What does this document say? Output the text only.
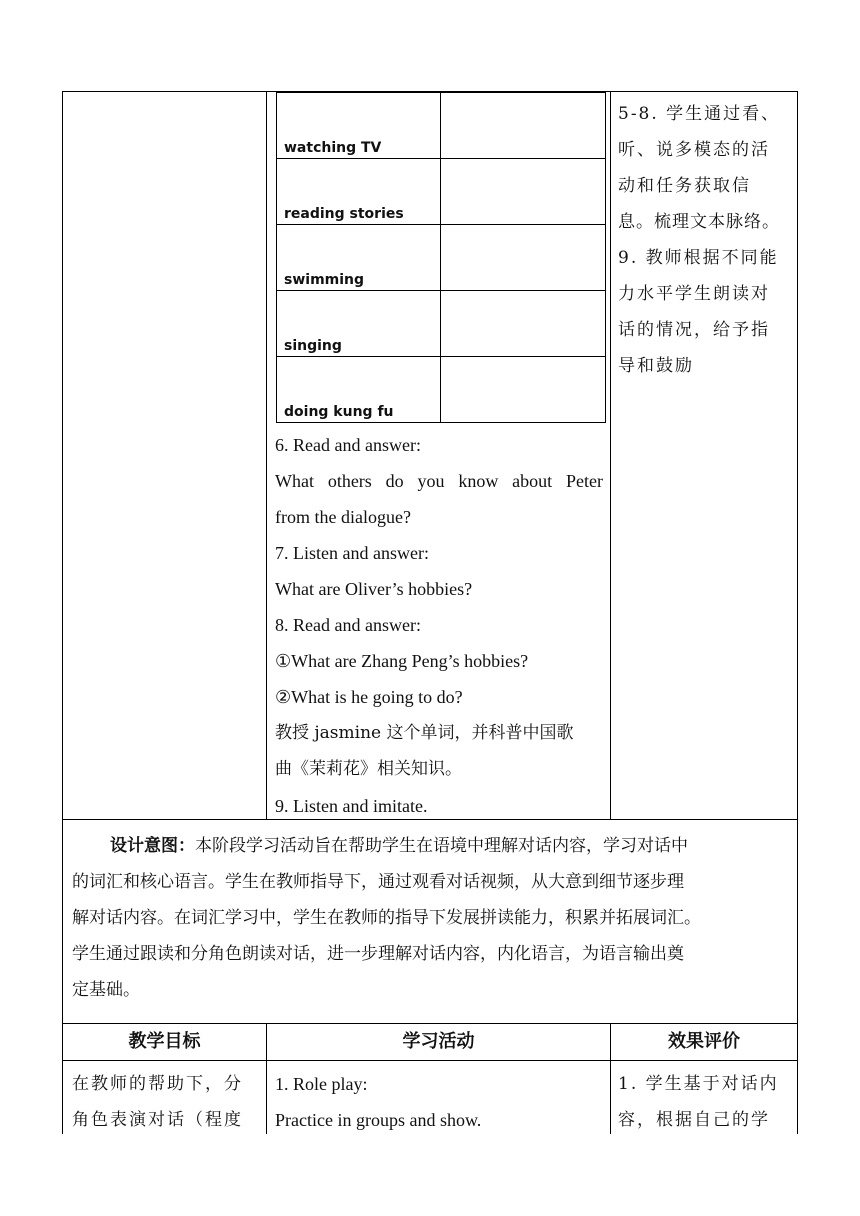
watching TV
reading stories
swimming
singing
doing kung fu
6. Read and answer:
What others do you know about Peter
from the dialogue?
7. Listen and answer:
What are Oliver’s hobbies?
8. Read and answer:
①What are Zhang Peng’s hobbies?
②What is he going to do?
教授 jasmine 这个单词，并科普中国歌
曲《茉莉花》相关知识。
9. Listen and imitate.
5-8. 学生通过看、
听、说多模态的活
动和任务获取信
息。梳理文本脉络。
9. 教师根据不同能
力水平学生朗读对
话的情况，给予指
导和鼓励
设计意图：本阶段学习活动旨在帮助学生在语境中理解对话内容，学习对话中
的词汇和核心语言。学生在教师指导下，通过观看对话视频，从大意到细节逐步理
解对话内容。在词汇学习中，学生在教师的指导下发展拼读能力，积累并拓展词汇。
学生通过跟读和分角色朗读对话，进一步理解对话内容，内化语言，为语言输出奠
定基础。
教学目标	学习活动	效果评价
在教师的帮助下，分
角色表演对话（程度
1. Role play:
Practice in groups and show.
1. 学生基于对话内
容，根据自己的学
